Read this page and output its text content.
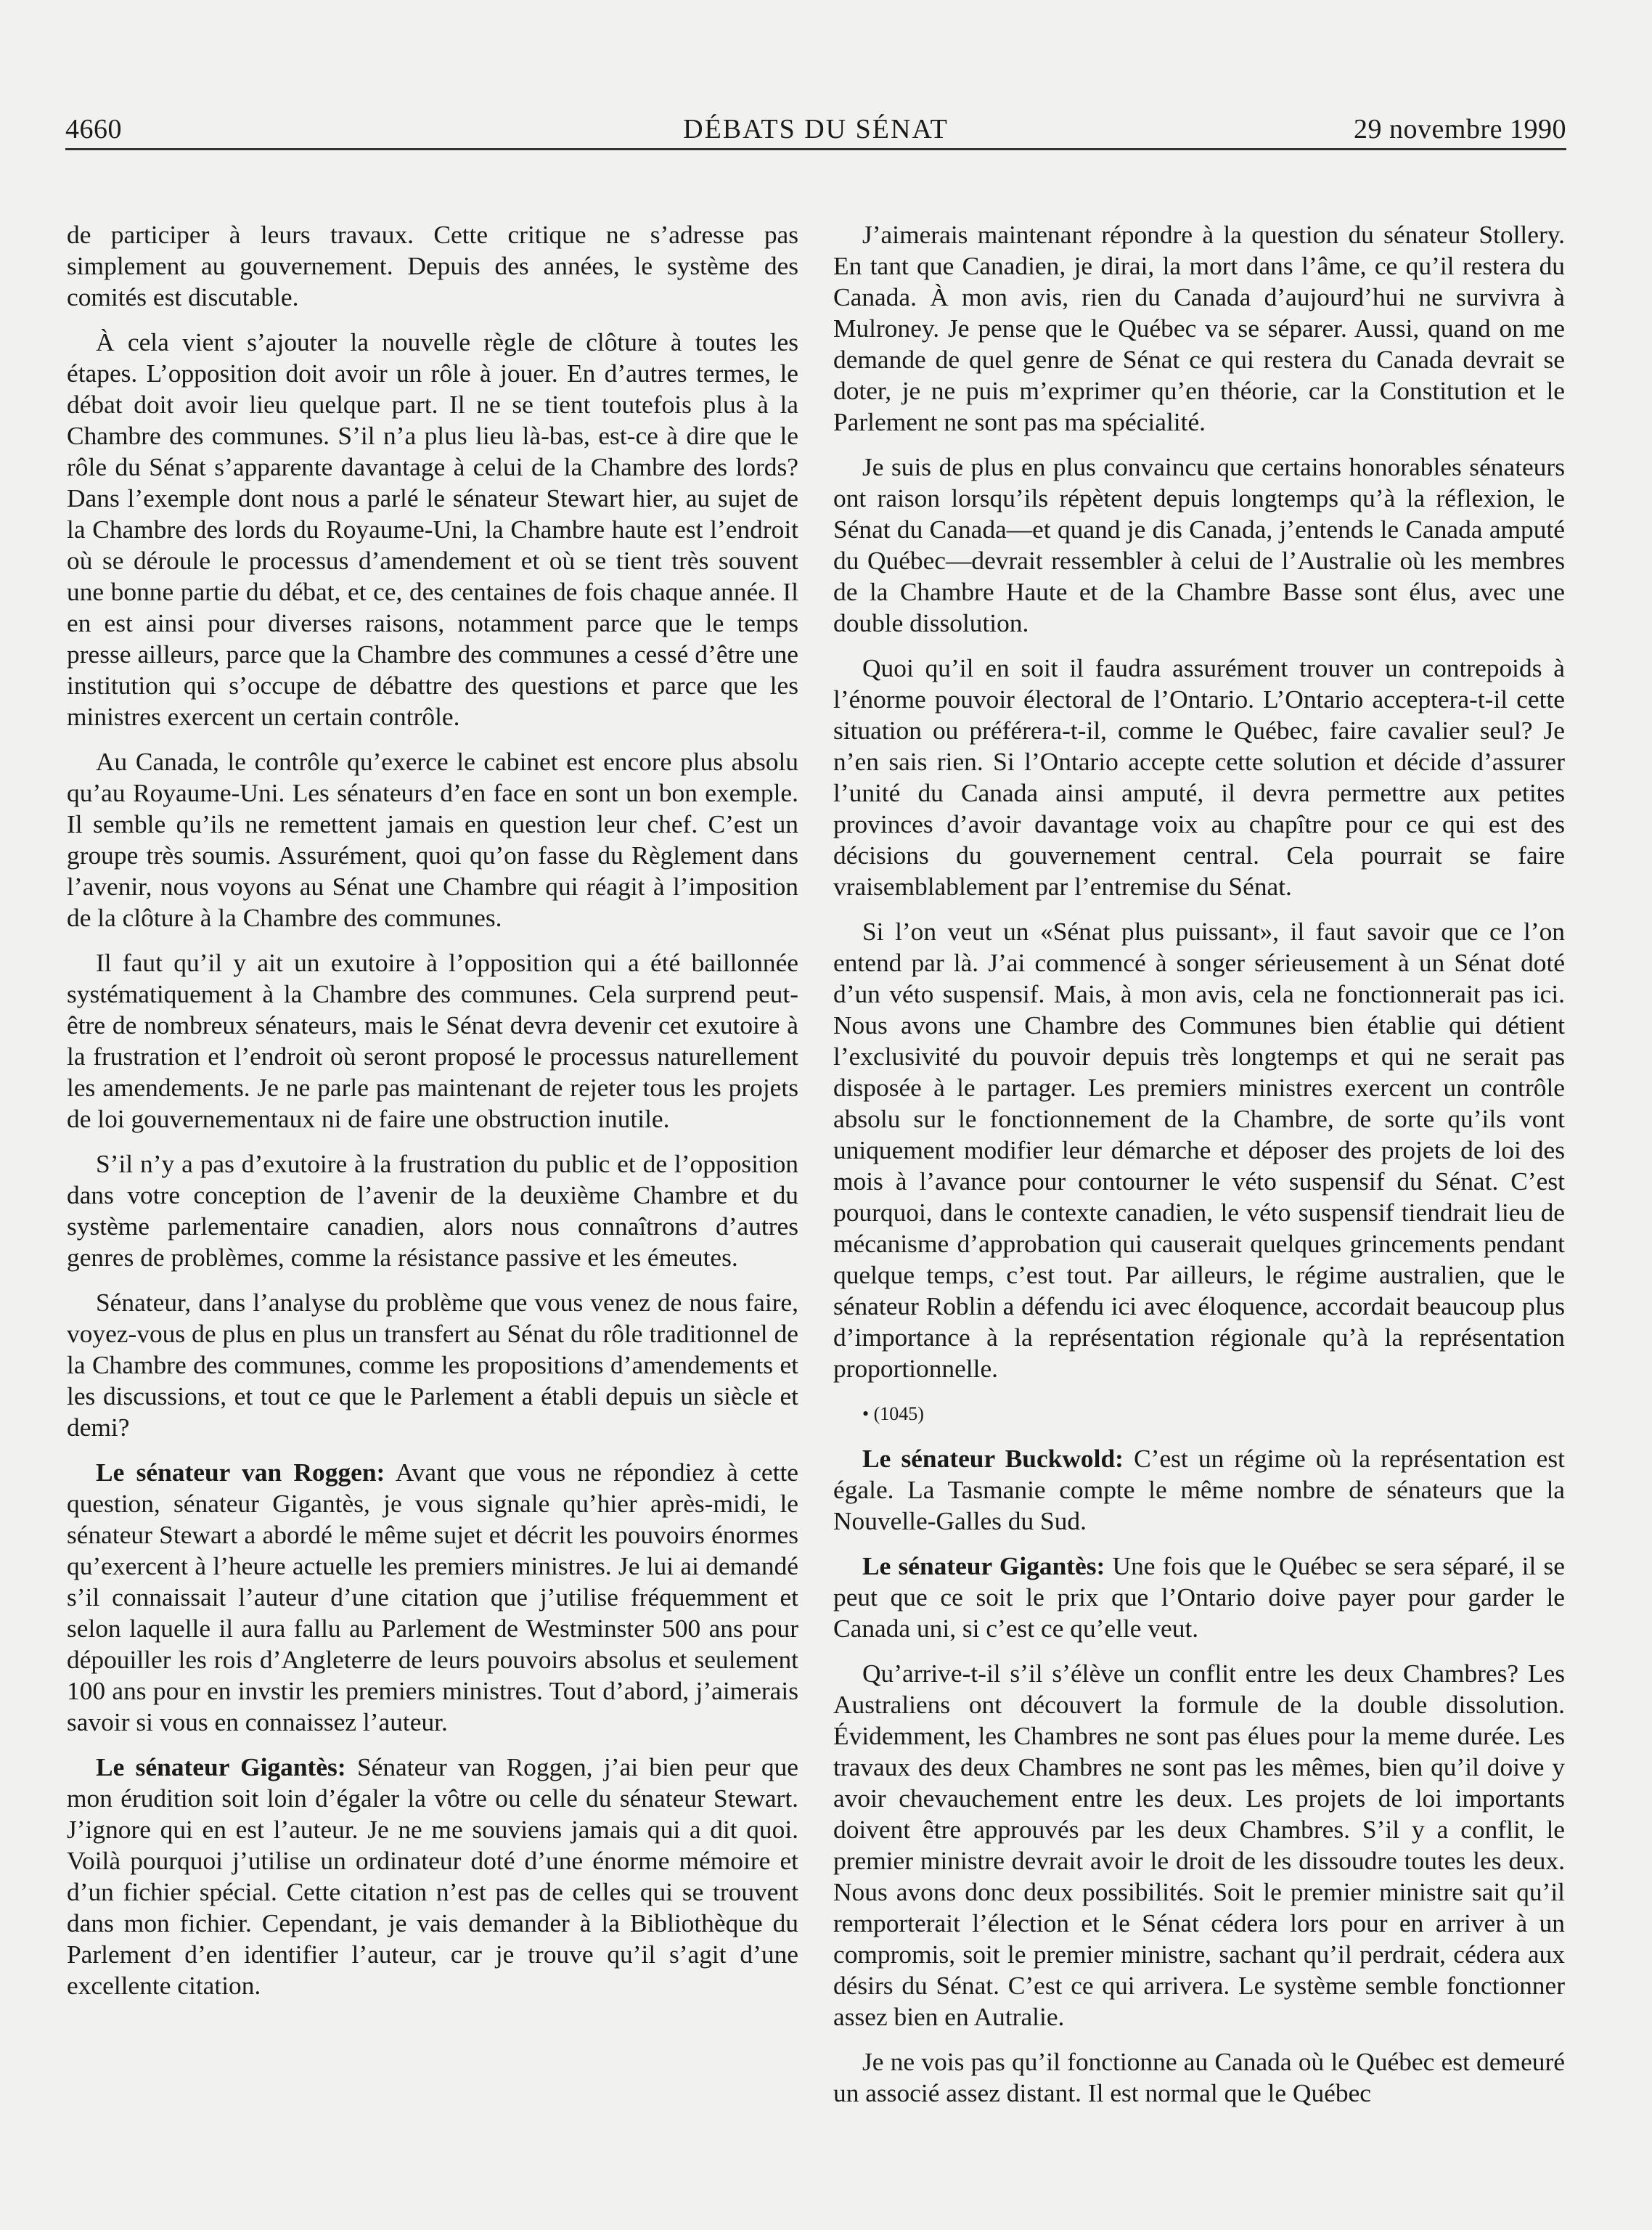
4660	DÉBATS DU SÉNAT	29 novembre 1990

de participer à leurs travaux. Cette critique ne s’adresse pas simplement au gouvernement. Depuis des années, le système des comités est discutable.

À cela vient s’ajouter la nouvelle règle de clôture à toutes les étapes. L’opposition doit avoir un rôle à jouer. En d’autres termes, le débat doit avoir lieu quelque part. Il ne se tient toutefois plus à la Chambre des communes. S’il n’a plus lieu là-bas, est-ce à dire que le rôle du Sénat s’apparente davantage à celui de la Chambre des lords? Dans l’exemple dont nous a parlé le sénateur Stewart hier, au sujet de la Chambre des lords du Royaume-Uni, la Chambre haute est l’endroit où se déroule le processus d’amendement et où se tient très souvent une bonne partie du débat, et ce, des centaines de fois chaque année. Il en est ainsi pour diverses raisons, notamment parce que le temps presse ailleurs, parce que la Chambre des communes a cessé d’être une institution qui s’occupe de débattre des questions et parce que les ministres exercent un certain contrôle.

Au Canada, le contrôle qu’exerce le cabinet est encore plus absolu qu’au Royaume-Uni. Les sénateurs d’en face en sont un bon exemple. Il semble qu’ils ne remettent jamais en question leur chef. C’est un groupe très soumis. Assurément, quoi qu’on fasse du Règlement dans l’avenir, nous voyons au Sénat une Chambre qui réagit à l’imposition de la clôture à la Chambre des communes.

Il faut qu’il y ait un exutoire à l’opposition qui a été baillonnée systématiquement à la Chambre des communes. Cela surprend peut-être de nombreux sénateurs, mais le Sénat devra devenir cet exutoire à la frustration et l’endroit où seront proposé le processus naturellement les amendements. Je ne parle pas maintenant de rejeter tous les projets de loi gouvernementaux ni de faire une obstruction inutile.

S’il n’y a pas d’exutoire à la frustration du public et de l’opposition dans votre conception de l’avenir de la deuxième Chambre et du système parlementaire canadien, alors nous connaîtrons d’autres genres de problèmes, comme la résistance passive et les émeutes.

Sénateur, dans l’analyse du problème que vous venez de nous faire, voyez-vous de plus en plus un transfert au Sénat du rôle traditionnel de la Chambre des communes, comme les propositions d’amendements et les discussions, et tout ce que le Parlement a établi depuis un siècle et demi?

Le sénateur van Roggen: Avant que vous ne répondiez à cette question, sénateur Gigantès, je vous signale qu’hier après-midi, le sénateur Stewart a abordé le même sujet et décrit les pouvoirs énormes qu’exercent à l’heure actuelle les premiers ministres. Je lui ai demandé s’il connaissait l’auteur d’une citation que j’utilise fréquemment et selon laquelle il aura fallu au Parlement de Westminster 500 ans pour dépouiller les rois d’Angleterre de leurs pouvoirs absolus et seulement 100 ans pour en invstir les premiers ministres. Tout d’abord, j’aimerais savoir si vous en connaissez l’auteur.

Le sénateur Gigantès: Sénateur van Roggen, j’ai bien peur que mon érudition soit loin d’égaler la vôtre ou celle du sénateur Stewart. J’ignore qui en est l’auteur. Je ne me souviens jamais qui a dit quoi. Voilà pourquoi j’utilise un ordinateur doté d’une énorme mémoire et d’un fichier spécial. Cette citation n’est pas de celles qui se trouvent dans mon fichier. Cependant, je vais demander à la Bibliothèque du Parlement d’en identifier l’auteur, car je trouve qu’il s’agit d’une excellente citation.

J’aimerais maintenant répondre à la question du sénateur Stollery. En tant que Canadien, je dirai, la mort dans l’âme, ce qu’il restera du Canada. À mon avis, rien du Canada d’aujourd’hui ne survivra à Mulroney. Je pense que le Québec va se séparer. Aussi, quand on me demande de quel genre de Sénat ce qui restera du Canada devrait se doter, je ne puis m’exprimer qu’en théorie, car la Constitution et le Parlement ne sont pas ma spécialité.

Je suis de plus en plus convaincu que certains honorables sénateurs ont raison lorsqu’ils répètent depuis longtemps qu’à la réflexion, le Sénat du Canada—et quand je dis Canada, j’entends le Canada amputé du Québec—devrait ressembler à celui de l’Australie où les membres de la Chambre Haute et de la Chambre Basse sont élus, avec une double dissolution.

Quoi qu’il en soit il faudra assurément trouver un contrepoids à l’énorme pouvoir électoral de l’Ontario. L’Ontario acceptera-t-il cette situation ou préférera-t-il, comme le Québec, faire cavalier seul? Je n’en sais rien. Si l’Ontario accepte cette solution et décide d’assurer l’unité du Canada ainsi amputé, il devra permettre aux petites provinces d’avoir davantage voix au chapître pour ce qui est des décisions du gouvernement central. Cela pourrait se faire vraisemblablement par l’entremise du Sénat.

Si l’on veut un «Sénat plus puissant», il faut savoir que ce l’on entend par là. J’ai commencé à songer sérieusement à un Sénat doté d’un véto suspensif. Mais, à mon avis, cela ne fonctionnerait pas ici. Nous avons une Chambre des Communes bien établie qui détient l’exclusivité du pouvoir depuis très longtemps et qui ne serait pas disposée à le partager. Les premiers ministres exercent un contrôle absolu sur le fonctionnement de la Chambre, de sorte qu’ils vont uniquement modifier leur démarche et déposer des projets de loi des mois à l’avance pour contourner le véto suspensif du Sénat. C’est pourquoi, dans le contexte canadien, le véto suspensif tiendrait lieu de mécanisme d’approbation qui causerait quelques grincements pendant quelque temps, c’est tout. Par ailleurs, le régime australien, que le sénateur Roblin a défendu ici avec éloquence, accordait beaucoup plus d’importance à la représentation régionale qu’à la représentation proportionnelle.

• (1045)

Le sénateur Buckwold: C’est un régime où la représentation est égale. La Tasmanie compte le même nombre de sénateurs que la Nouvelle-Galles du Sud.

Le sénateur Gigantès: Une fois que le Québec se sera séparé, il se peut que ce soit le prix que l’Ontario doive payer pour garder le Canada uni, si c’est ce qu’elle veut.

Qu’arrive-t-il s’il s’élève un conflit entre les deux Chambres? Les Australiens ont découvert la formule de la double dissolution. Évidemment, les Chambres ne sont pas élues pour la meme durée. Les travaux des deux Chambres ne sont pas les mêmes, bien qu’il doive y avoir chevauchement entre les deux. Les projets de loi importants doivent être approuvés par les deux Chambres. S’il y a conflit, le premier ministre devrait avoir le droit de les dissoudre toutes les deux. Nous avons donc deux possibilités. Soit le premier ministre sait qu’il remporterait l’élection et le Sénat cédera lors pour en arriver à un compromis, soit le premier ministre, sachant qu’il perdrait, cédera aux désirs du Sénat. C’est ce qui arrivera. Le système semble fonctionner assez bien en Autralie.

Je ne vois pas qu’il fonctionne au Canada où le Québec est demeuré un associé assez distant. Il est normal que le Québec
